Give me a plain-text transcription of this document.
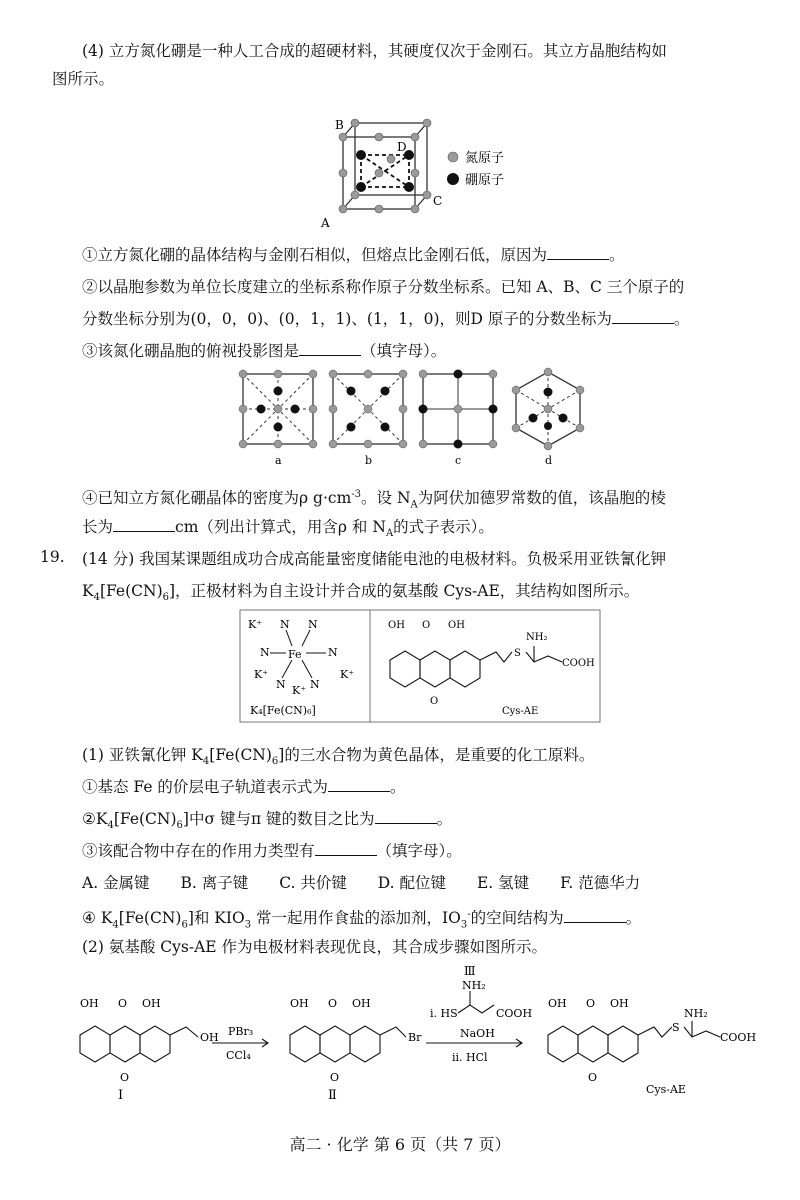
(4) 立方氮化硼是一种人工合成的超硬材料，其硬度仅次于金刚石。其立方晶胞结构如
图所示。
B
D
C
A
氮原子
硼原子
①立方氮化硼的晶体结构与金刚石相似，但熔点比金刚石低，原因为	。
②以晶胞参数为单位长度建立的坐标系称作原子分数坐标系。已知 A、B、C 三个原子的
分数坐标分别为(0，0，0)、(0，1，1)、(1，1，0)，则D 原子的分数坐标为	。
③该氮化硼晶胞的俯视投影图是	（填字母）。
a	b	c	d
④已知立方氮化硼晶体的密度为ρ $g\cdot cm^{-3}$。设 $N_A$为阿伏加德罗常数的值，该晶胞的棱
长为	cm（列出计算式，用含ρ 和 $N_A$的式子表示）。
19. (14 分) 我国某课题组成功合成高能量密度储能电池的电极材料。负极采用亚铁氰化钾
$K_4[Fe(CN)_6]$，正极材料为自主设计并合成的氨基酸 Cys-AE，其结构如图所示。
Fe
N	N
N N
N N
K⁺
K⁺	K⁺
K⁺
K₄[Fe(CN)₆]
OH O OH
O
S
NH₂
COOH
Cys-AE
(1) 亚铁氰化钾 $K_4[Fe(CN)_6]$的三水合物为黄色晶体，是重要的化工原料。
①基态 Fe 的价层电子轨道表示式为	。
$②K_4[Fe(CN)_6]$中σ 键与π 键的数目之比为	。
③该配合物中存在的作用力类型有	（填字母）。
A. 金属键 B. 离子键 C. 共价键 D. 配位键 E. 氢键 F. 范德华力
④ $K_4[Fe(CN)_6]$和 $KIO_3$ 常一起用作食盐的添加剂，$IO_3^-$的空间结构为	。
(2) 氨基酸 Cys-AE 作为电极材料表现优良，其合成步骤如图所示。
OH O OH
O
OH
Ⅰ
PBr₃
CCl₄
OH O OH
O
Br
Ⅱ
Ⅲ
NH₂
i. HS	COOH
NaOH
ii. HCl
OH O OH
O
S
NH₂
COOH
Cys-AE
高二 · 化学 第 6 页（共 7 页）
